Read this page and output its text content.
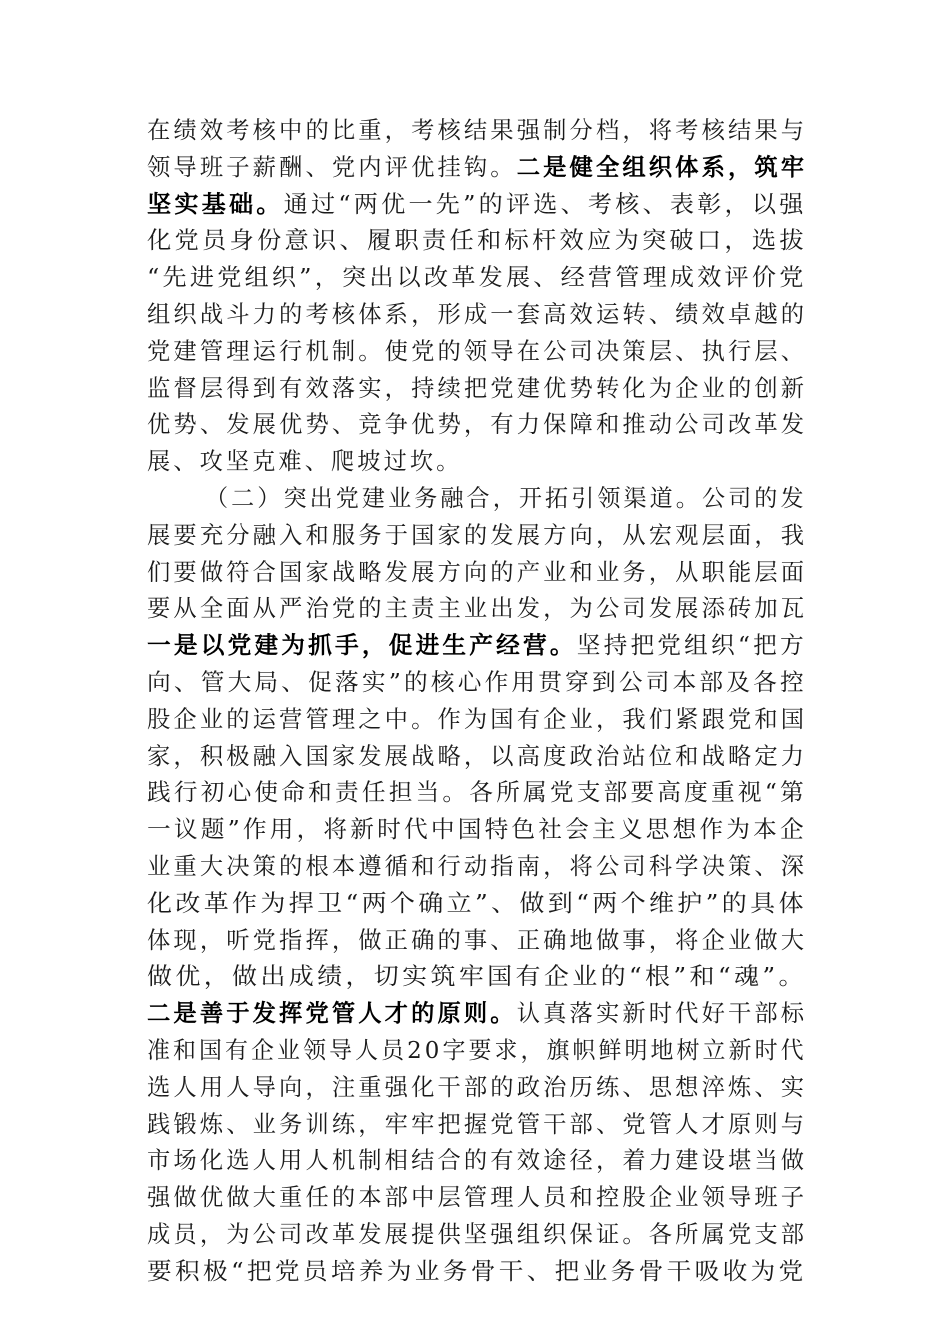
在绩效考核中的比重，考核结果强制分档，将考核结果与
领导班子薪酬、党内评优挂钩。二是健全组织体系，筑牢
坚实基础。通过“两优一先”的评选、考核、表彰，以强
化党员身份意识、履职责任和标杆效应为突破口，选拔
“先进党组织”，突出以改革发展、经营管理成效评价党
组织战斗力的考核体系，形成一套高效运转、绩效卓越的
党建管理运行机制。使党的领导在公司决策层、执行层、
监督层得到有效落实，持续把党建优势转化为企业的创新
优势、发展优势、竞争优势，有力保障和推动公司改革发
展、攻坚克难、爬坡过坎。
（二）突出党建业务融合，开拓引领渠道。公司的发
展要充分融入和服务于国家的发展方向，从宏观层面，我
们要做符合国家战略发展方向的产业和业务，从职能层面
要从全面从严治党的主责主业出发，为公司发展添砖加瓦
一是以党建为抓手，促进生产经营。坚持把党组织“把方
向、管大局、促落实”的核心作用贯穿到公司本部及各控
股企业的运营管理之中。作为国有企业，我们紧跟党和国
家，积极融入国家发展战略，以高度政治站位和战略定力
践行初心使命和责任担当。各所属党支部要高度重视“第
一议题”作用，将新时代中国特色社会主义思想作为本企
业重大决策的根本遵循和行动指南，将公司科学决策、深
化改革作为捍卫“两个确立”、做到“两个维护”的具体
体现，听党指挥，做正确的事、正确地做事，将企业做大
做优，做出成绩，切实筑牢国有企业的“根”和“魂”。
二是善于发挥党管人才的原则。认真落实新时代好干部标
准和国有企业领导人员20字要求，旗帜鲜明地树立新时代
选人用人导向，注重强化干部的政治历练、思想淬炼、实
践锻炼、业务训练，牢牢把握党管干部、党管人才原则与
市场化选人用人机制相结合的有效途径，着力建设堪当做
强做优做大重任的本部中层管理人员和控股企业领导班子
成员，为公司改革发展提供坚强组织保证。各所属党支部
要积极“把党员培养为业务骨干、把业务骨干吸收为党
